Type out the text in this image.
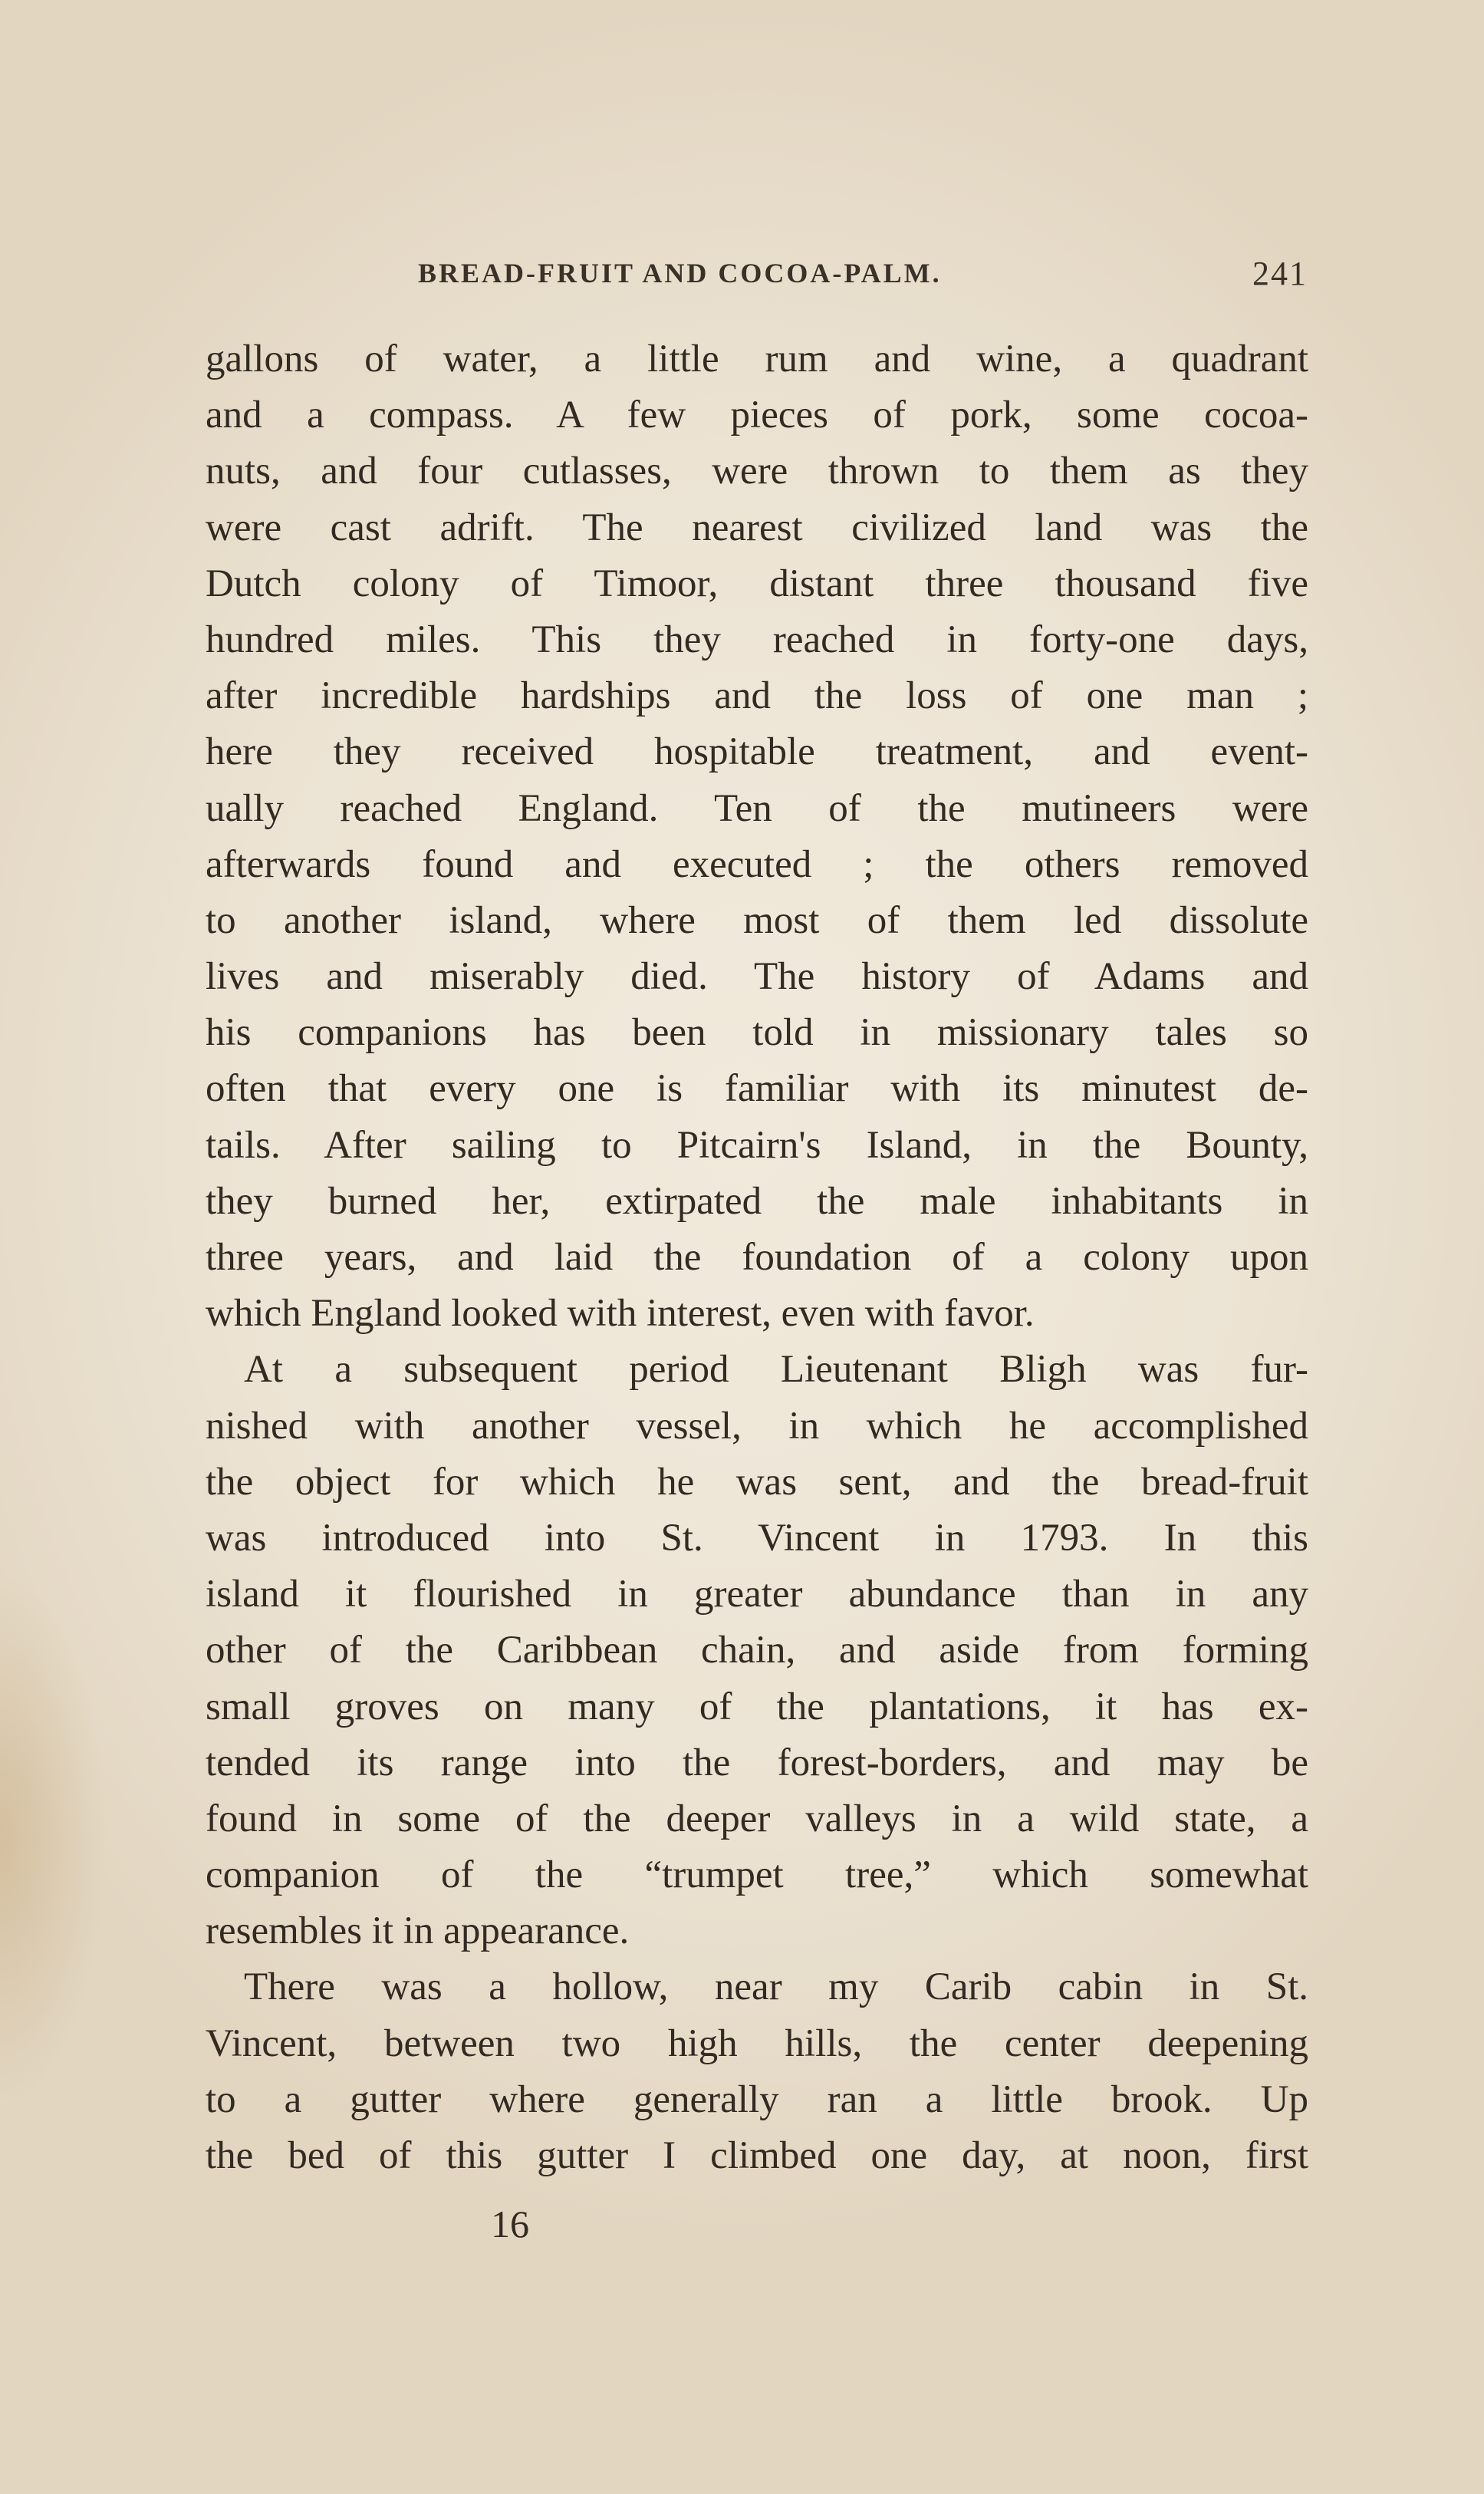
BREAD-FRUIT AND COCOA-PALM.	241
gallons of water, a little rum and wine, a quadrant
and a compass. A few pieces of pork, some cocoa-
nuts, and four cutlasses, were thrown to them as they
were cast adrift. The nearest civilized land was the
Dutch colony of Timoor, distant three thousand five
hundred miles. This they reached in forty-one days,
after incredible hardships and the loss of one man ;
here they received hospitable treatment, and event-
ually reached England. Ten of the mutineers were
afterwards found and executed ; the others removed
to another island, where most of them led dissolute
lives and miserably died. The history of Adams and
his companions has been told in missionary tales so
often that every one is familiar with its minutest de-
tails. After sailing to Pitcairn's Island, in the Bounty,
they burned her, extirpated the male inhabitants in
three years, and laid the foundation of a colony upon
which England looked with interest, even with favor.
At a subsequent period Lieutenant Bligh was fur-
nished with another vessel, in which he accomplished
the object for which he was sent, and the bread-fruit
was introduced into St. Vincent in 1793. In this
island it flourished in greater abundance than in any
other of the Caribbean chain, and aside from forming
small groves on many of the plantations, it has ex-
tended its range into the forest-borders, and may be
found in some of the deeper valleys in a wild state, a
companion of the “trumpet tree,” which somewhat
resembles it in appearance.
There was a hollow, near my Carib cabin in St.
Vincent, between two high hills, the center deepening
to a gutter where generally ran a little brook. Up
the bed of this gutter I climbed one day, at noon, first
16
